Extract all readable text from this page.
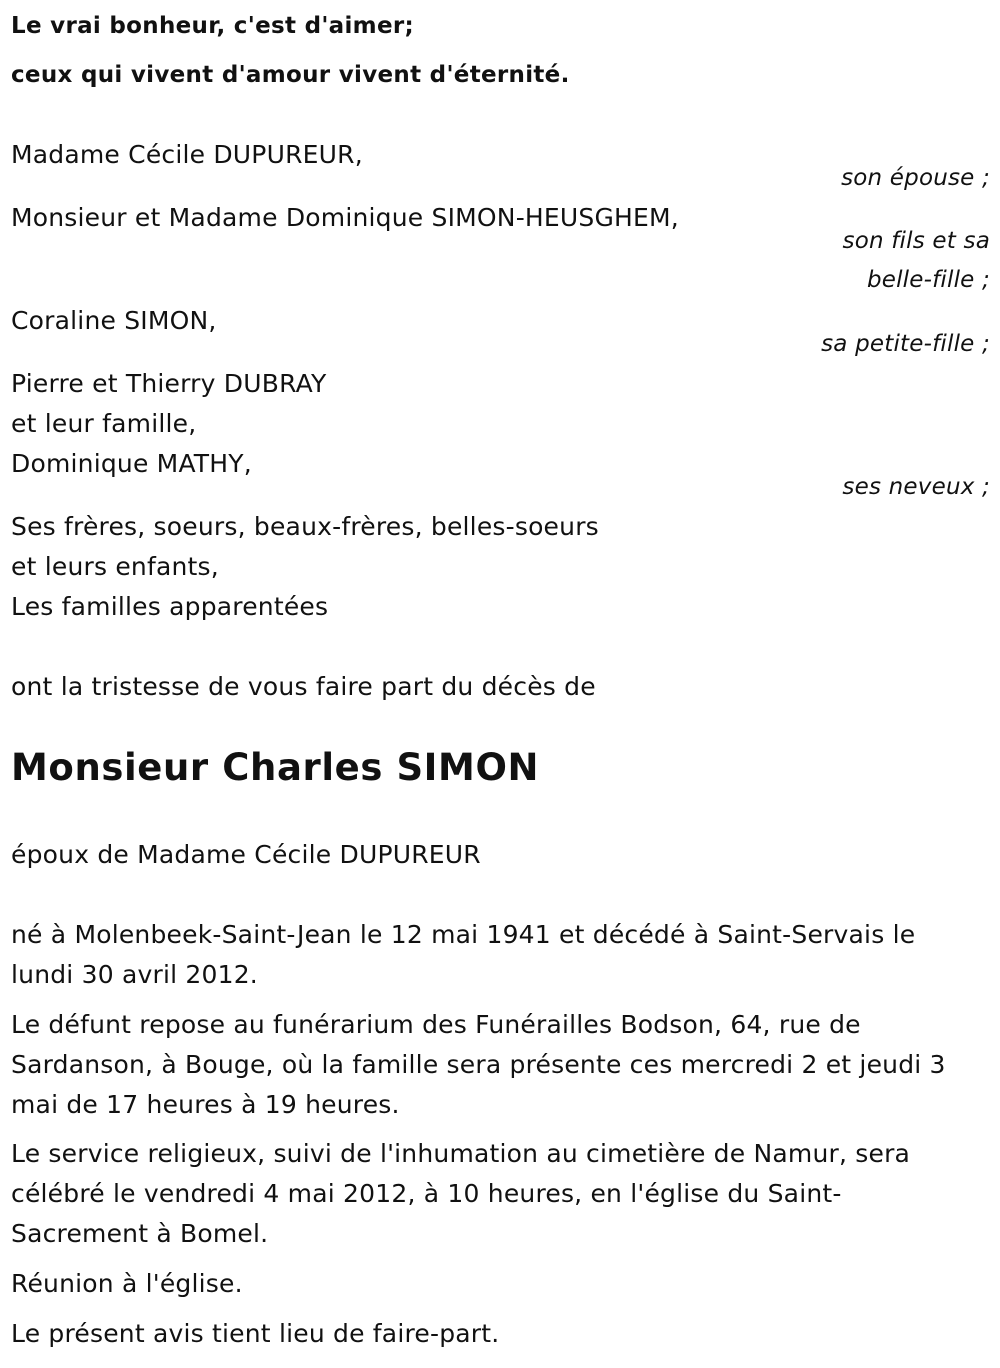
Le vrai bonheur, c'est d'aimer;
ceux qui vivent d'amour vivent d'éternité.
Madame Cécile DUPUREUR,
son épouse ;
Monsieur et Madame Dominique SIMON-HEUSGHEM,
son fils et sa
belle-fille ;
Coraline SIMON,
sa petite-fille ;
Pierre et Thierry DUBRAY
et leur famille,
Dominique MATHY,
ses neveux ;
Ses frères, soeurs, beaux-frères, belles-soeurs
et leurs enfants,
Les familles apparentées
ont la tristesse de vous faire part du décès de
Monsieur Charles SIMON
époux de Madame Cécile DUPUREUR
né à Molenbeek-Saint-Jean le 12 mai 1941 et décédé à Saint-Servais le
lundi 30 avril 2012.
Le défunt repose au funérarium des Funérailles Bodson, 64, rue de
Sardanson, à Bouge, où la famille sera présente ces mercredi 2 et jeudi 3
mai de 17 heures à 19 heures.
Le service religieux, suivi de l'inhumation au cimetière de Namur, sera
célébré le vendredi 4 mai 2012, à 10 heures, en l'église du Saint-
Sacrement à Bomel.
Réunion à l'église.
Le présent avis tient lieu de faire-part.
